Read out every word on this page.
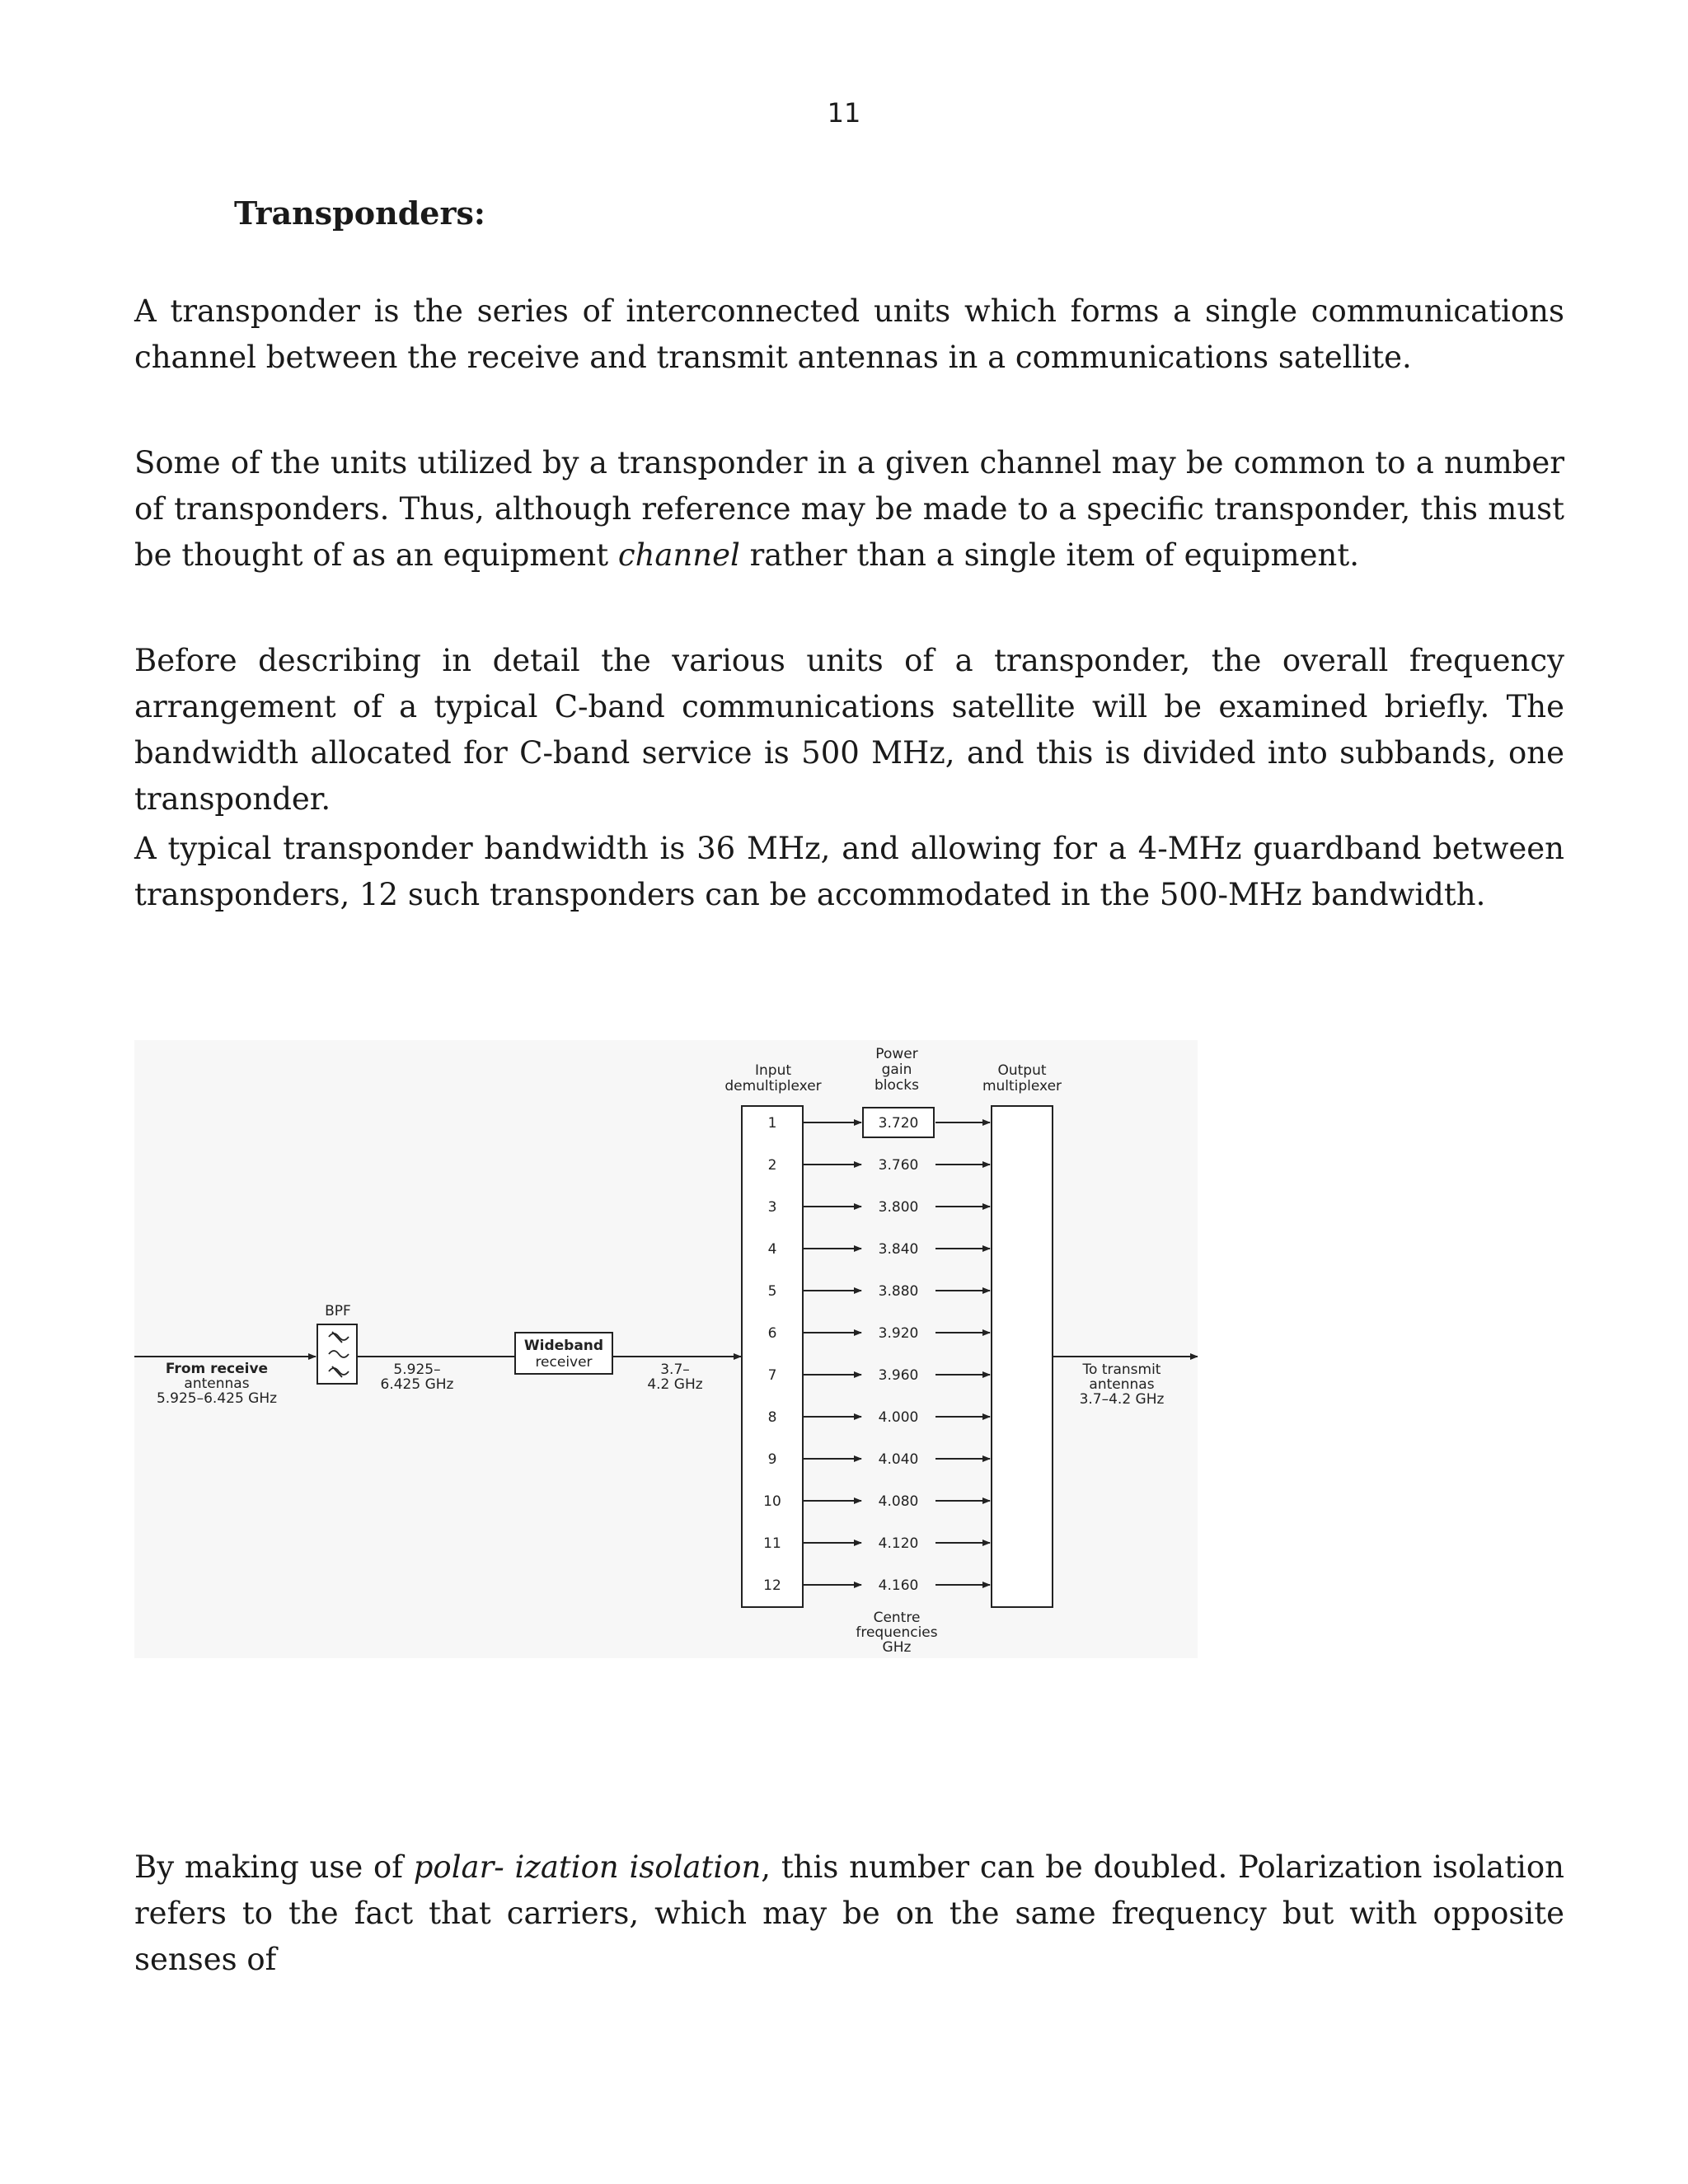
11
Transponders:

A transponder is the series of interconnected units which forms a single communications channel between the receive and transmit antennas in a communications satellite.

Some of the units utilized by a transponder in a given channel may be common to a number of transponders. Thus, although reference may be made to a specific transponder, this must be thought of as an equipment channel rather than a single item of equipment.

Before describing in detail the various units of a transponder, the overall frequency arrangement of a typical C-band communications satellite will be examined briefly. The bandwidth allocated for C-band service is 500 MHz, and this is divided into subbands, one transponder.

A typical transponder bandwidth is 36 MHz, and allowing for a 4-MHz guardband between transponders, 12 such transponders can be accommodated in the 500-MHz bandwidth.

From receive
antennas
5.925–6.425 GHz
BPF
5.925–
6.425 GHz
Wideband
receiver	3.7–
4.2 GHz
Input
demultiplexer
Power
gain
blocks
Output
multiplexer
1	3.720
2	3.760
3	3.800
4	3.840
5	3.880
6	3.920
7	3.960
8	4.000
9	4.040
10	4.080
11	4.120
12	4.160
To transmit
antennas
3.7–4.2 GHz
Centre
frequencies
GHz

By making use of polar- ization isolation, this number can be doubled. Polarization isolation refers to the fact that carriers, which may be on the same frequency but with opposite senses of
